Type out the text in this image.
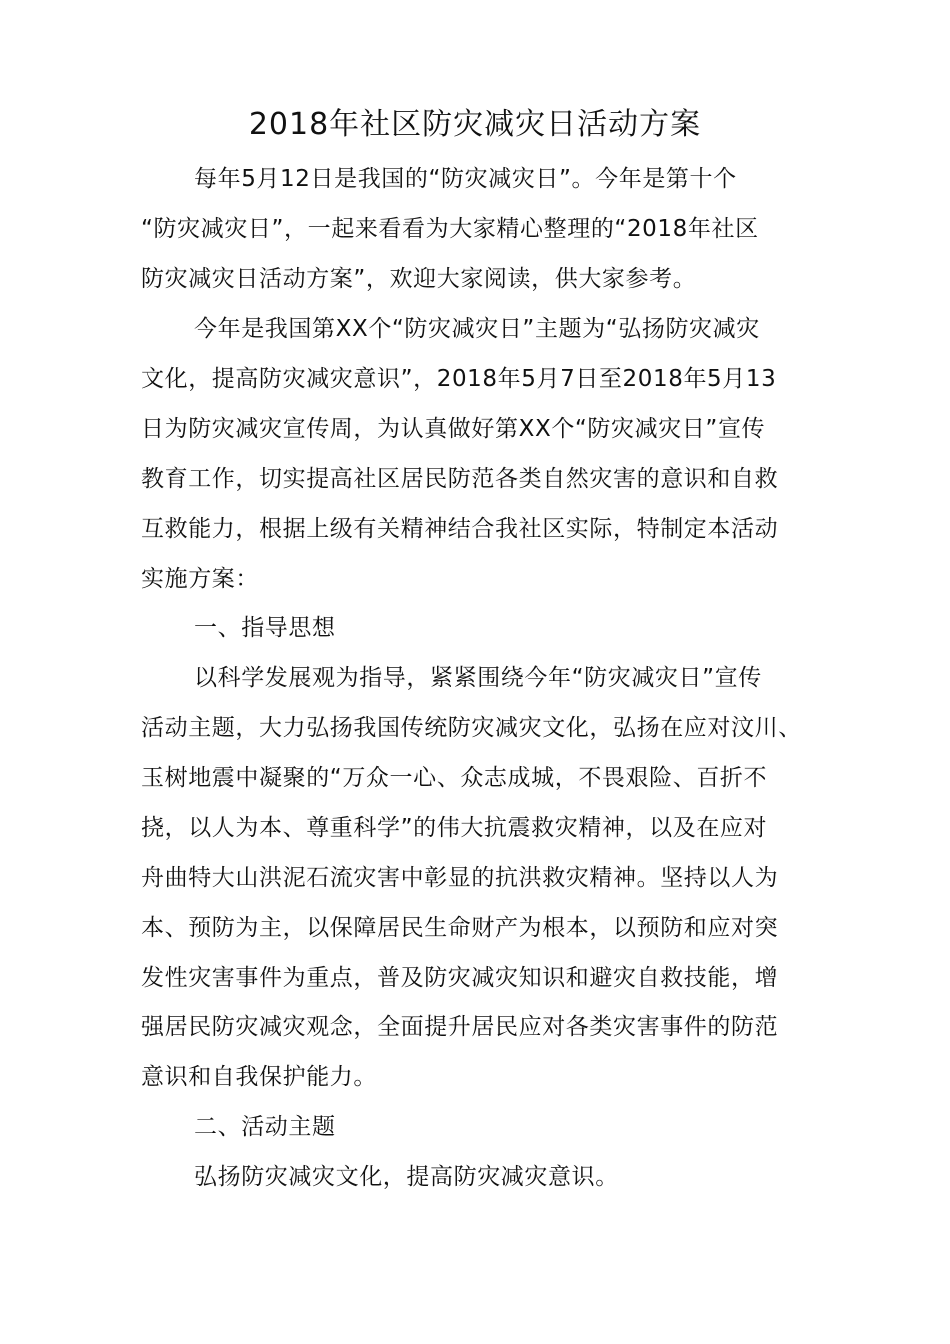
2018年社区防灾减灾日活动方案
每年5月12日是我国的“防灾减灾日”。今年是第十个
“防灾减灾日”，一起来看看为大家精心整理的“2018年社区
防灾减灾日活动方案”，欢迎大家阅读，供大家参考。
今年是我国第XX个“防灾减灾日”主题为“弘扬防灾减灾
文化，提高防灾减灾意识”，2018年5月7日至2018年5月13
日为防灾减灾宣传周，为认真做好第XX个“防灾减灾日”宣传
教育工作，切实提高社区居民防范各类自然灾害的意识和自救
互救能力，根据上级有关精神结合我社区实际，特制定本活动
实施方案：
一、指导思想
以科学发展观为指导，紧紧围绕今年“防灾减灾日”宣传
活动主题，大力弘扬我国传统防灾减灾文化，弘扬在应对汶川、
玉树地震中凝聚的“万众一心、众志成城，不畏艰险、百折不
挠，以人为本、尊重科学”的伟大抗震救灾精神，以及在应对
舟曲特大山洪泥石流灾害中彰显的抗洪救灾精神。坚持以人为
本、预防为主，以保障居民生命财产为根本，以预防和应对突
发性灾害事件为重点，普及防灾减灾知识和避灾自救技能，增
强居民防灾减灾观念，全面提升居民应对各类灾害事件的防范
意识和自我保护能力。
二、活动主题
弘扬防灾减灾文化，提高防灾减灾意识。
